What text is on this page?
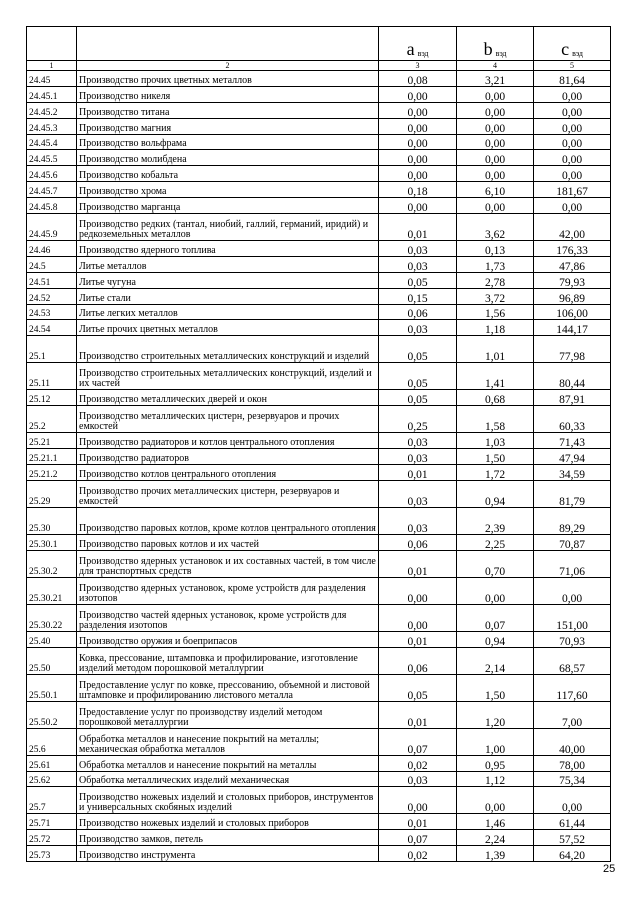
		a вэд	b вэд	c вэд
1	2	3	4	5
24.45	Производство прочих цветных металлов	0,08	3,21	81,64
24.45.1	Производство никеля	0,00	0,00	0,00
24.45.2	Производство титана	0,00	0,00	0,00
24.45.3	Производство магния	0,00	0,00	0,00
24.45.4	Производство вольфрама	0,00	0,00	0,00
24.45.5	Производство молибдена	0,00	0,00	0,00
24.45.6	Производство кобальта	0,00	0,00	0,00
24.45.7	Производство хрома	0,18	6,10	181,67
24.45.8	Производство марганца	0,00	0,00	0,00
24.45.9	Производство редких (тантал, ниобий, галлий, германий, иридий) и редкоземельных металлов	0,01	3,62	42,00
24.46	Производство ядерного топлива	0,03	0,13	176,33
24.5	Литье металлов	0,03	1,73	47,86
24.51	Литье чугуна	0,05	2,78	79,93
24.52	Литье стали	0,15	3,72	96,89
24.53	Литье легких металлов	0,06	1,56	106,00
24.54	Литье прочих цветных металлов	0,03	1,18	144,17
25.1	Производство строительных металлических конструкций и изделий	0,05	1,01	77,98
25.11	Производство строительных металлических конструкций, изделий и их частей	0,05	1,41	80,44
25.12	Производство металлических дверей и окон	0,05	0,68	87,91
25.2	Производство металлических цистерн, резервуаров и прочих емкостей	0,25	1,58	60,33
25.21	Производство радиаторов и котлов центрального отопления	0,03	1,03	71,43
25.21.1	Производство радиаторов	0,03	1,50	47,94
25.21.2	Производство котлов центрального отопления	0,01	1,72	34,59
25.29	Производство прочих металлических цистерн, резервуаров и емкостей	0,03	0,94	81,79
25.30	Производство паровых котлов, кроме котлов центрального отопления	0,03	2,39	89,29
25.30.1	Производство паровых котлов и их частей	0,06	2,25	70,87
25.30.2	Производство ядерных установок и их составных частей, в том числе для транспортных средств	0,01	0,70	71,06
25.30.21	Производство ядерных установок, кроме устройств для разделения изотопов	0,00	0,00	0,00
25.30.22	Производство частей ядерных установок, кроме устройств для разделения изотопов	0,00	0,07	151,00
25.40	Производство оружия и боеприпасов	0,01	0,94	70,93
25.50	Ковка, прессование, штамповка и профилирование, изготовление изделий методом порошковой металлургии	0,06	2,14	68,57
25.50.1	Предоставление услуг по ковке, прессованию, объемной и листовой штамповке и профилированию листового металла	0,05	1,50	117,60
25.50.2	Предоставление услуг по производству изделий методом порошковой металлургии	0,01	1,20	7,00
25.6	Обработка металлов и нанесение покрытий на металлы; механическая обработка металлов	0,07	1,00	40,00
25.61	Обработка металлов и нанесение покрытий на металлы	0,02	0,95	78,00
25.62	Обработка металлических изделий механическая	0,03	1,12	75,34
25.7	Производство ножевых изделий и столовых приборов, инструментов и универсальных скобяных изделий	0,00	0,00	0,00
25.71	Производство ножевых изделий и столовых приборов	0,01	1,46	61,44
25.72	Производство замков, петель	0,07	2,24	57,52
25.73	Производство инструмента	0,02	1,39	64,20
25
